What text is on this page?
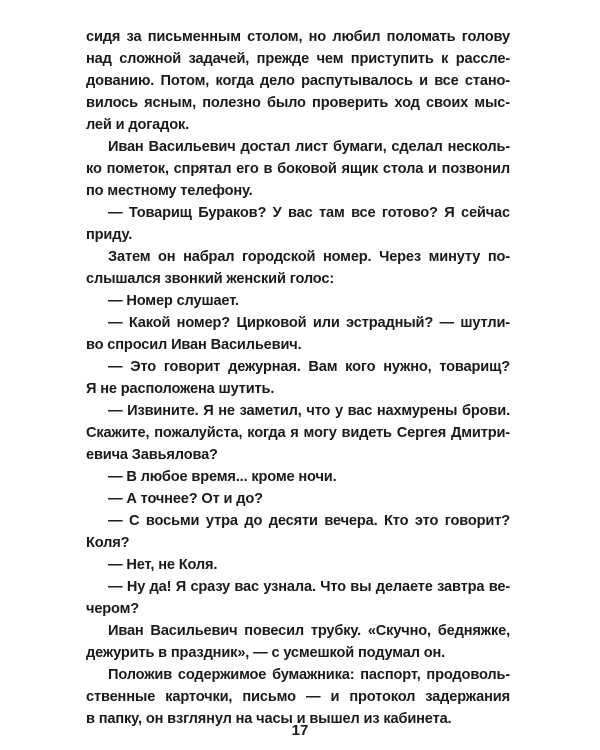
сидя за письменным столом, но любил поломать голову
над сложной задачей, прежде чем приступить к рассле-
дованию. Потом, когда дело распутывалось и все стано-
вилось ясным, полезно было проверить ход своих мыс-
лей и догадок.
Иван Васильевич достал лист бумаги, сделал несколь-
ко пометок, спрятал его в боковой ящик стола и позвонил
по местному телефону.
— Товарищ Бураков? У вас там все готово? Я сейчас
приду.
Затем он набрал городской номер. Через минуту по-
слышался звонкий женский голос:
— Номер слушает.
— Какой номер? Цирковой или эстрадный? — шутли-
во спросил Иван Васильевич.
— Это говорит дежурная. Вам кого нужно, товарищ?
Я не расположена шутить.
— Извините. Я не заметил, что у вас нахмурены брови.
Скажите, пожалуйста, когда я могу видеть Сергея Дмитри-
евича Завьялова?
— В любое время... кроме ночи.
— А точнее? От и до?
— С восьми утра до десяти вечера. Кто это говорит?
Коля?
— Нет, не Коля.
— Ну да! Я сразу вас узнала. Что вы делаете завтра ве-
чером?
Иван Васильевич повесил трубку. «Скучно, бедняжке,
дежурить в праздник», — с усмешкой подумал он.
Положив содержимое бумажника: паспорт, продоволь-
ственные карточки, письмо — и протокол задержания
в папку, он взглянул на часы и вышел из кабинета.
17
